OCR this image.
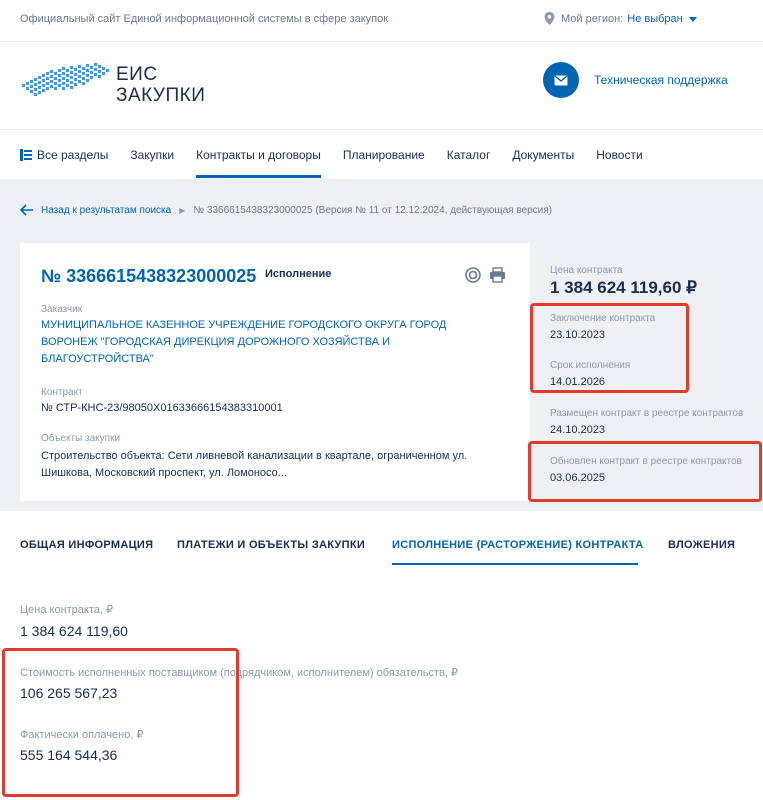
Официальный сайт Единой информационной системы в сфере закупок	Мой регион: Не выбран
ЕИС
ЗАКУПКИ
Техническая поддержка
Все разделы Закупки Контракты и договоры Планирование Каталог Документы Новости
Назад к результатам поиска ▶ № 3366615438323000025 (Версия № 11 от 12.12.2024, действующая версия)
№ 3366615438323000025 Исполнение
Заказчик
МУНИЦИПАЛЬНОЕ КАЗЕННОЕ УЧРЕЖДЕНИЕ ГОРОДСКОГО ОКРУГА ГОРОД ВОРОНЕЖ "ГОРОДСКАЯ ДИРЕКЦИЯ ДОРОЖНОГО ХОЗЯЙСТВА И БЛАГОУСТРОЙСТВА"
Контракт
№ СТР-КНС-23/98050X01633666154383310001
Объекты закупки
Строительство объекта: Сети ливневой канализации в квартале, ограниченном ул. Шишкова, Московский проспект, ул. Ломоносо...
Цена контракта
1 384 624 119,60 ₽
Заключение контракта
23.10.2023
Срок исполнения
14.01.2026
Размещен контракт в реестре контрактов
24.10.2023
Обновлен контракт в реестре контрактов
03.06.2025
ОБЩАЯ ИНФОРМАЦИЯ ПЛАТЕЖИ И ОБЪЕКТЫ ЗАКУПКИ ИСПОЛНЕНИЕ (РАСТОРЖЕНИЕ) КОНТРАКТА ВЛОЖЕНИЯ
Цена контракта, ₽
1 384 624 119,60
Стоимость исполненных поставщиком (подрядчиком, исполнителем) обязательств, ₽
106 265 567,23
Фактически оплачено, ₽
555 164 544,36
